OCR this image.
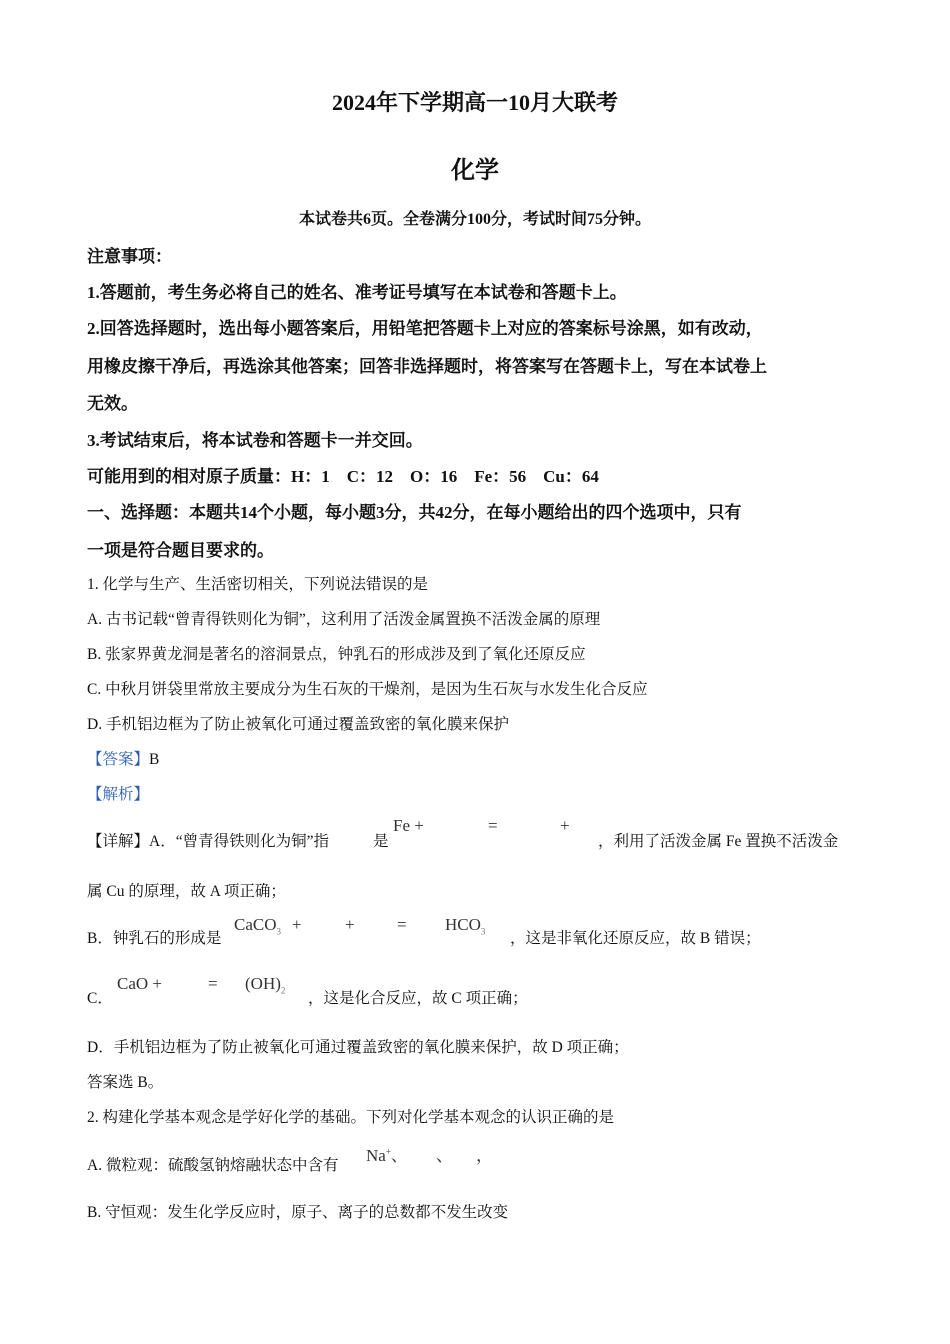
2024年下学期高一10月大联考
化学
本试卷共6页。全卷满分100分，考试时间75分钟。
注意事项：
1.答题前，考生务必将自己的姓名、准考证号填写在本试卷和答题卡上。
2.回答选择题时，选出每小题答案后，用铅笔把答题卡上对应的答案标号涂黑，如有改动，
用橡皮擦干净后，再选涂其他答案；回答非选择题时，将答案写在答题卡上，写在本试卷上
无效。
3.考试结束后，将本试卷和答题卡一并交回。
可能用到的相对原子质量：H：1　C：12　O：16　Fe：56　Cu：64
一、选择题：本题共14个小题，每小题3分，共42分，在每小题给出的四个选项中，只有
一项是符合题目要求的。
1. 化学与生产、生活密切相关，下列说法错误的是
A. 古书记载“曾青得铁则化为铜”，这利用了活泼金属置换不活泼金属的原理
B. 张家界黄龙洞是著名的溶洞景点，钟乳石的形成涉及到了氧化还原反应
C. 中秋月饼袋里常放主要成分为生石灰的干燥剂，是因为生石灰与水发生化合反应
D. 手机铝边框为了防止被氧化可通过覆盖致密的氧化膜来保护
【答案】B
【解析】
【详解】A．“曾青得铁则化为铜”指	是
Fe +	=	+
，利用了活泼金属 Fe 置换不活泼金
属 Cu 的原理，故 A 项正确；
B．钟乳石的形成是
CaCO$_3$ +	+ = $HCO_3$ ，这是非氧化还原反应，故 B 错误；
C．
CaO +	= $(OH)_2$ ，这是化合反应，故 C 项正确；
D．手机铝边框为了防止被氧化可通过覆盖致密的氧化膜来保护，故 D 项正确；
答案选 B。
2. 构建化学基本观念是学好化学的基础。下列对化学基本观念的认识正确的是
A. 微粒观：硫酸氢钠熔融状态中含有
Na+、 、 ，
B. 守恒观：发生化学反应时，原子、离子的总数都不发生改变
